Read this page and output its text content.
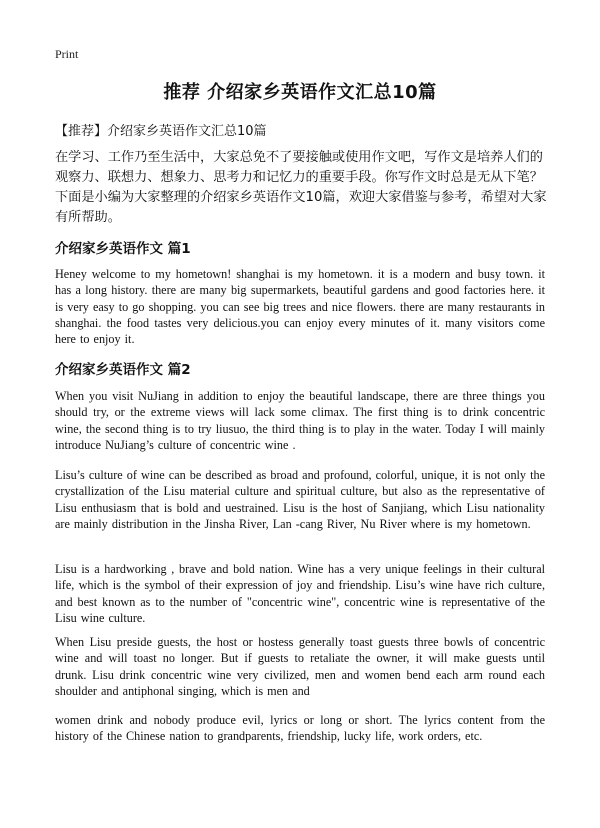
Print
推荐 介绍家乡英语作文汇总10篇

【推荐】介绍家乡英语作文汇总10篇

在学习、工作乃至生活中，大家总免不了要接触或使用作文吧，写作文是培养人们的观察力、联想力、想象力、思考力和记忆力的重要手段。你写作文时总是无从下笔？下面是小编为大家整理的介绍家乡英语作文10篇，欢迎大家借鉴与参考，希望对大家有所帮助。

介绍家乡英语作文 篇1

Heney welcome to my hometown! shanghai is my hometown. it is a modern and busy town. it has a long history. there are many big supermarkets, beautiful gardens and good factories here. it is very easy to go shopping. you can see big trees and nice flowers. there are many restaurants in shanghai. the food tastes very delicious.you can enjoy every minutes of it. many visitors come here to enjoy it.

介绍家乡英语作文 篇2

When you visit NuJiang in addition to enjoy the beautiful landscape, there are three things you should try, or the extreme views will lack some climax. The first thing is to drink concentric wine, the second thing is to try liusuo, the third thing is to play in the water. Today I will mainly introduce NuJiang’s culture of concentric wine .

Lisu’s culture of wine can be described as broad and profound, colorful, unique, it is not only the crystallization of the Lisu material culture and spiritual culture, but also as the representative of Lisu enthusiasm that is bold and uestrained. Lisu is the host of Sanjiang, which Lisu nationality are mainly distribution in the Jinsha River, Lan -cang River, Nu River where is my hometown.

Lisu is a hardworking , brave and bold nation. Wine has a very unique feelings in their cultural life, which is the symbol of their expression of joy and friendship. Lisu’s wine have rich culture, and best known as to the number of "concentric wine", concentric wine is representative of the Lisu wine culture.

When Lisu preside guests, the host or hostess generally toast guests three bowls of concentric wine and will toast no longer. But if guests to retaliate the owner, it will make guests until drunk. Lisu drink concentric wine very civilized, men and women bend each arm round each shoulder and antiphonal singing, which is men and

women drink and nobody produce evil, lyrics or long or short. The lyrics content from the history of the Chinese nation to grandparents, friendship, lucky life, work orders, etc.
